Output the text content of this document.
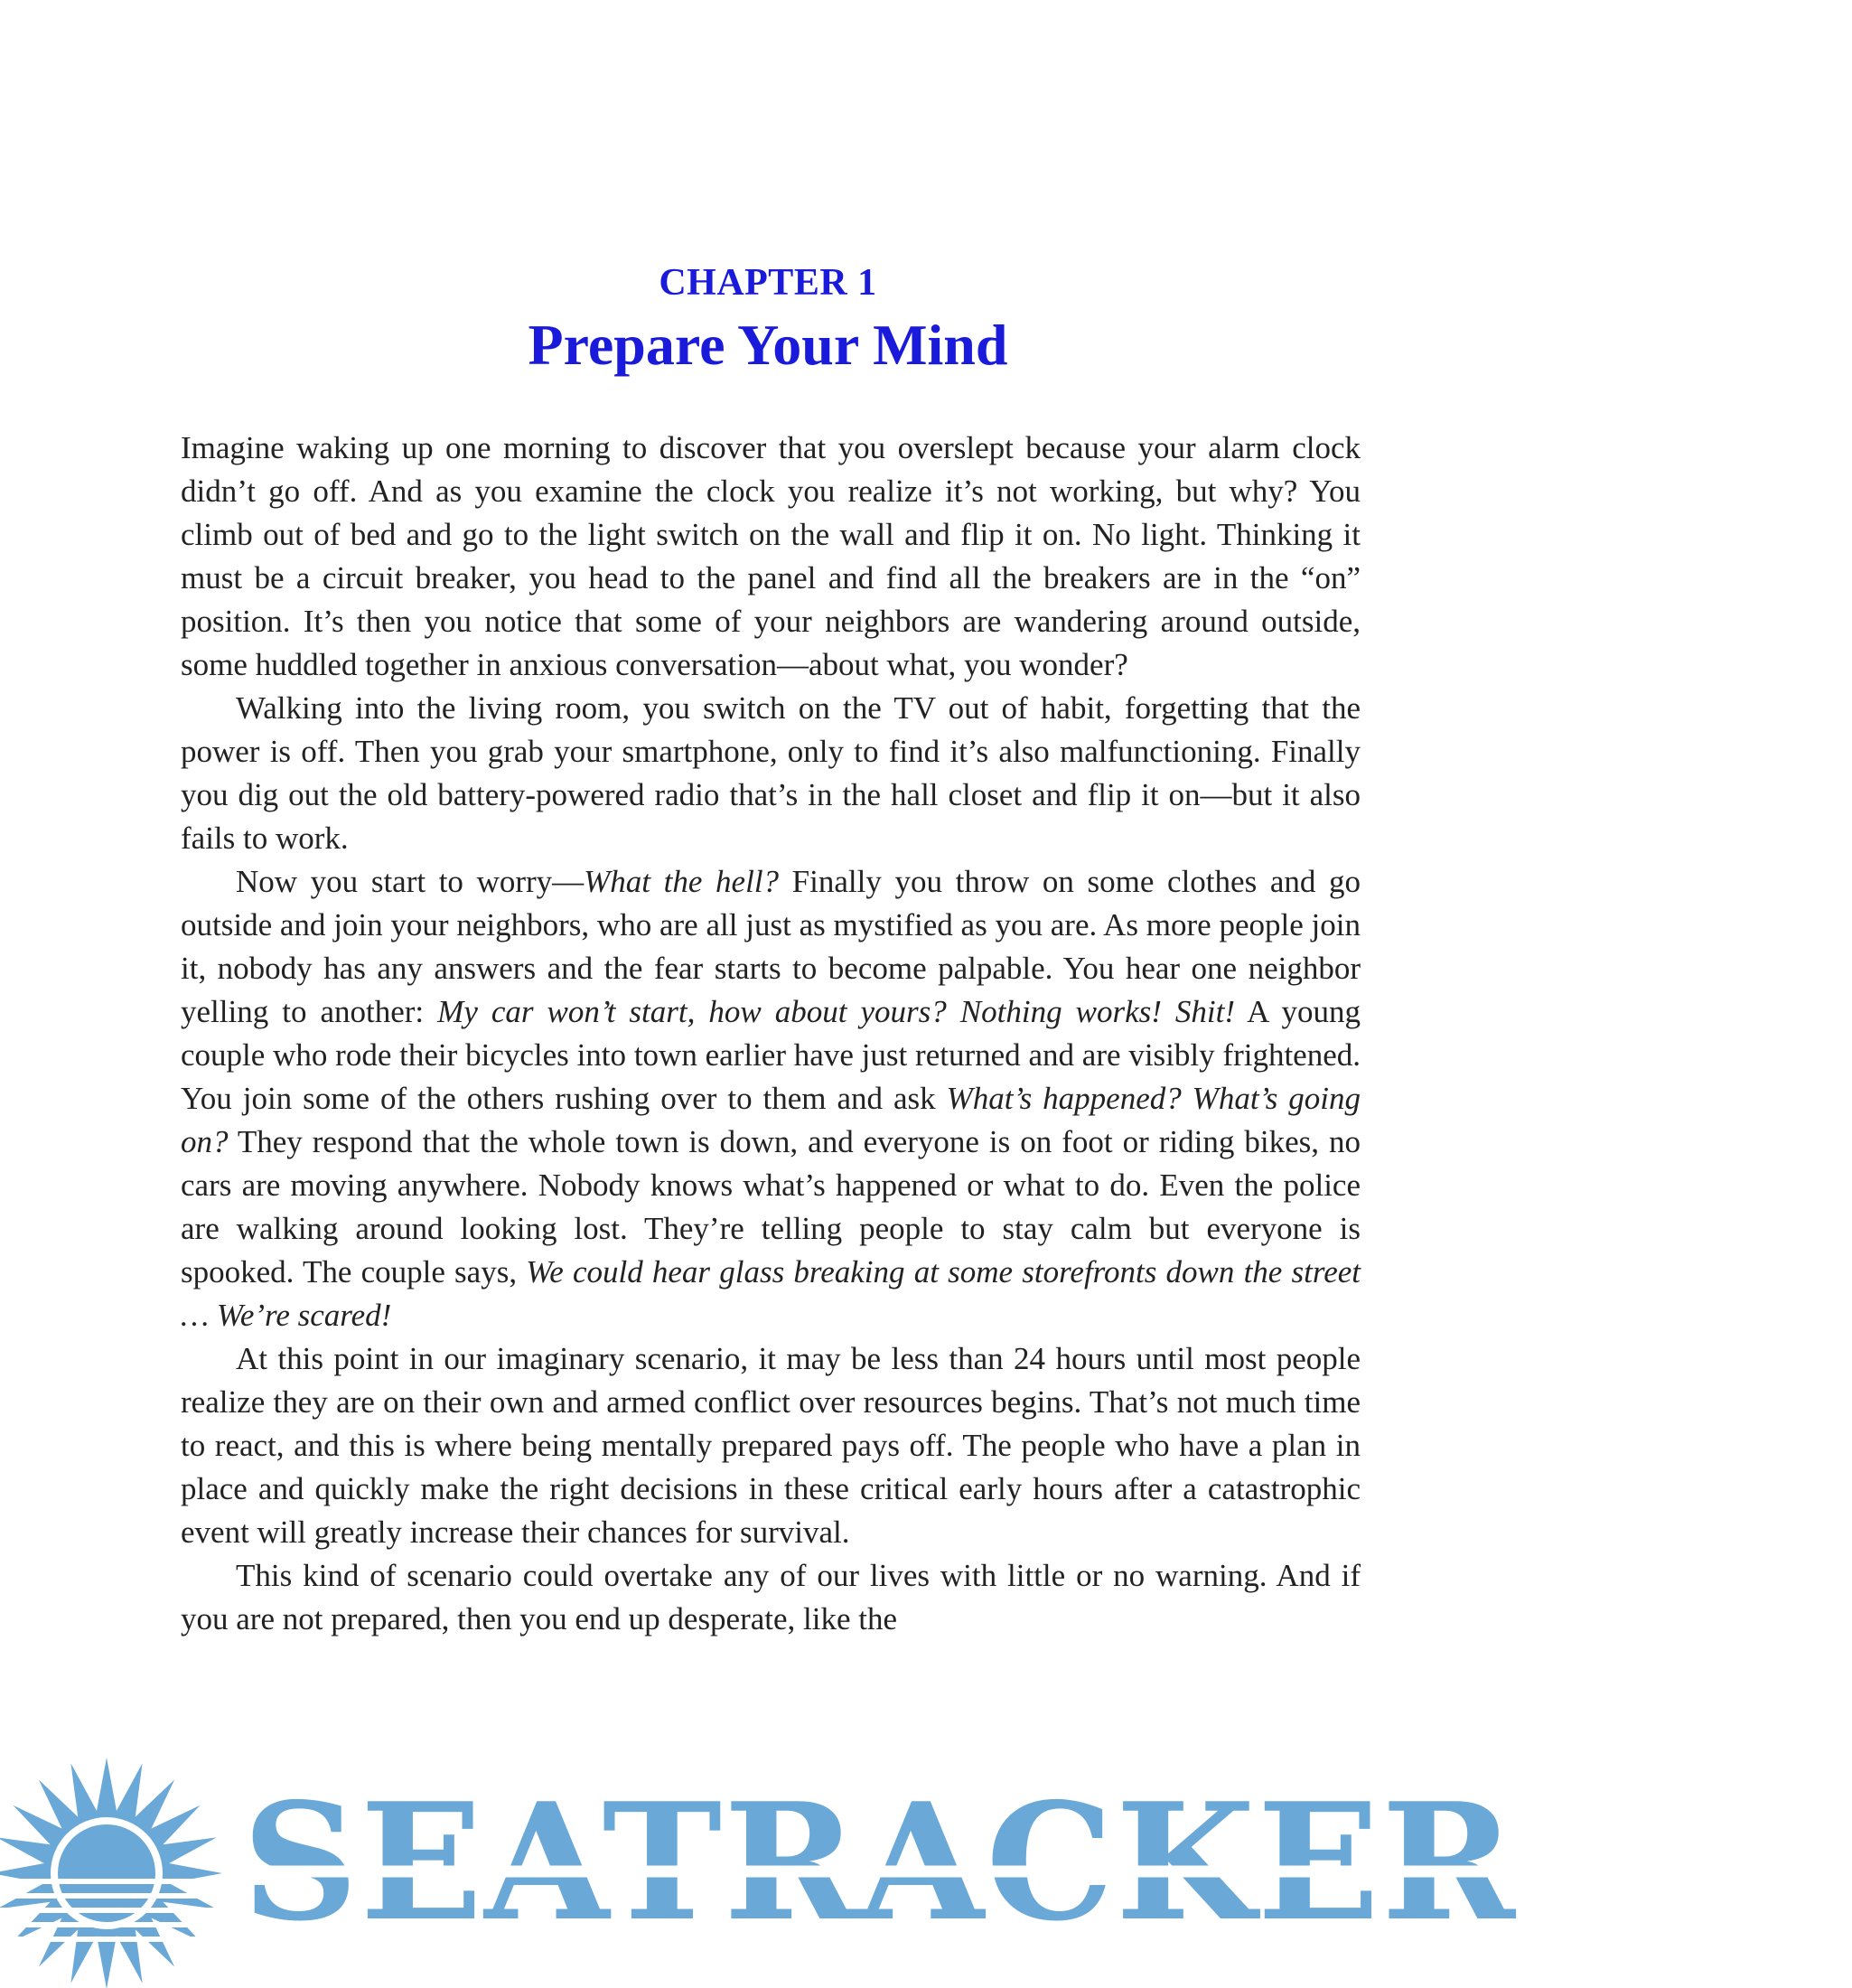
CHAPTER 1
Prepare Your Mind

Imagine waking up one morning to discover that you overslept because your alarm clock didn’t go off. And as you examine the clock you realize it’s not working, but why? You climb out of bed and go to the light switch on the wall and flip it on. No light. Thinking it must be a circuit breaker, you head to the panel and find all the breakers are in the “on” position. It’s then you notice that some of your neighbors are wandering around outside, some huddled together in anxious conversation—about what, you wonder?

Walking into the living room, you switch on the TV out of habit, forgetting that the power is off. Then you grab your smartphone, only to find it’s also malfunctioning. Finally you dig out the old battery-powered radio that’s in the hall closet and flip it on—but it also fails to work.

Now you start to worry—What the hell? Finally you throw on some clothes and go outside and join your neighbors, who are all just as mystified as you are. As more people join it, nobody has any answers and the fear starts to become palpable. You hear one neighbor yelling to another: My car won’t start, how about yours? Nothing works! Shit! A young couple who rode their bicycles into town earlier have just returned and are visibly frightened. You join some of the others rushing over to them and ask What’s happened? What’s going on? They respond that the whole town is down, and everyone is on foot or riding bikes, no cars are moving anywhere. Nobody knows what’s happened or what to do. Even the police are walking around looking lost. They’re telling people to stay calm but everyone is spooked. The couple says, We could hear glass breaking at some storefronts down the street … We’re scared!

At this point in our imaginary scenario, it may be less than 24 hours until most people realize they are on their own and armed conflict over resources begins. That’s not much time to react, and this is where being mentally prepared pays off. The people who have a plan in place and quickly make the right decisions in these critical early hours after a catastrophic event will greatly increase their chances for survival.

This kind of scenario could overtake any of our lives with little or no warning. And if you are not prepared, then you end up desperate, like the

SEATRACKER.RU
